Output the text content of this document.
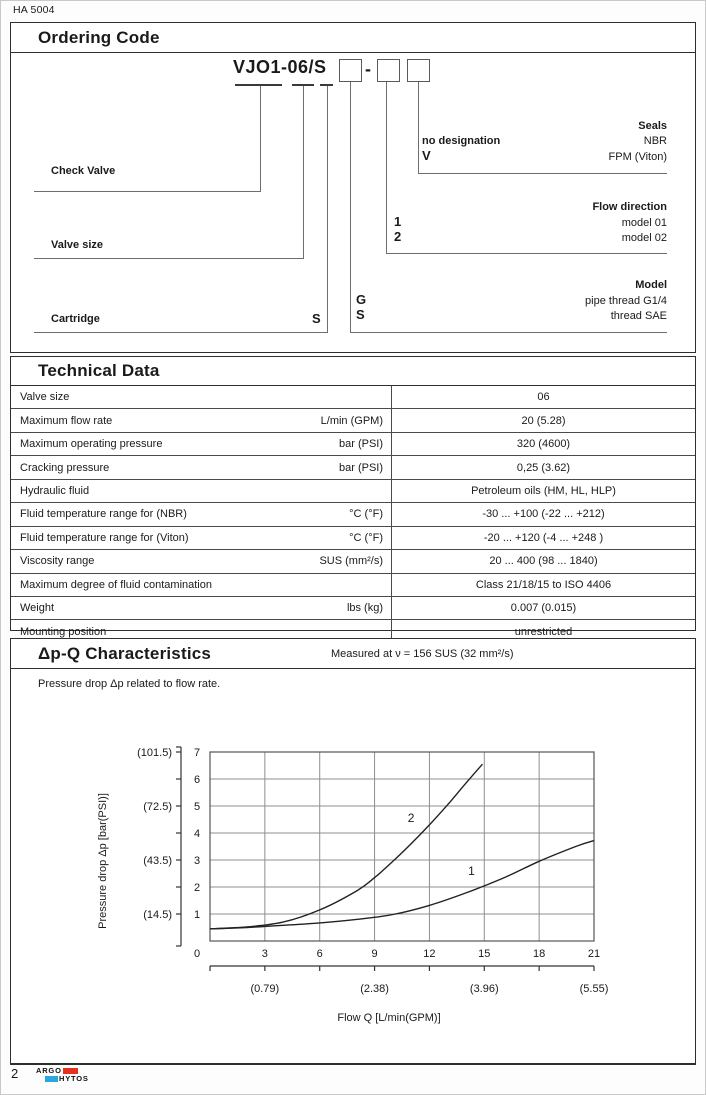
HA 5004
Ordering Code
VJO1-06/S -
Check Valve
Valve size
Cartridge	S
Seals
no designation	NBR
V	FPM (Viton)
Flow direction
1	model 01
2	model 02
Model
G	pipe thread G1/4
S	thread SAE
Technical Data
Valve size	06
Maximum flow rate	L/min (GPM)	20 (5.28)
Maximum operating pressure	bar (PSI)	320 (4600)
Cracking pressure	bar (PSI)	0,25 (3.62)
Hydraulic fluid	Petroleum oils (HM, HL, HLP)
Fluid temperature range for (NBR)	°C (°F)	-30 ... +100 (-22 ... +212)
Fluid temperature range for (Viton)	°C (°F)	-20 ... +120 (-4 ... +248 )
Viscosity range	SUS (mm²/s)	20 ... 400 (98 ... 1840)
Maximum degree of fluid contamination	Class 21/18/15 to ISO 4406
Weight	lbs (kg)	0.007 (0.015)
Mounting position	unrestricted
Δp-Q Characteristics	Measured at ν = 156 SUS (32 mm²/s)
Pressure drop Δp related to flow rate.
1
2
3
4
5
6
7
(14.5)
(43.5)
(72.5)
(101.5)
Pressure drop Δp [bar(PSI)]
0	3	6	9	12	15	18	21
(0.79)	(2.38)	(3.96)	(5.55)
Flow Q [L/min(GPM)]
1
2
2 ARGO
HYTOS
